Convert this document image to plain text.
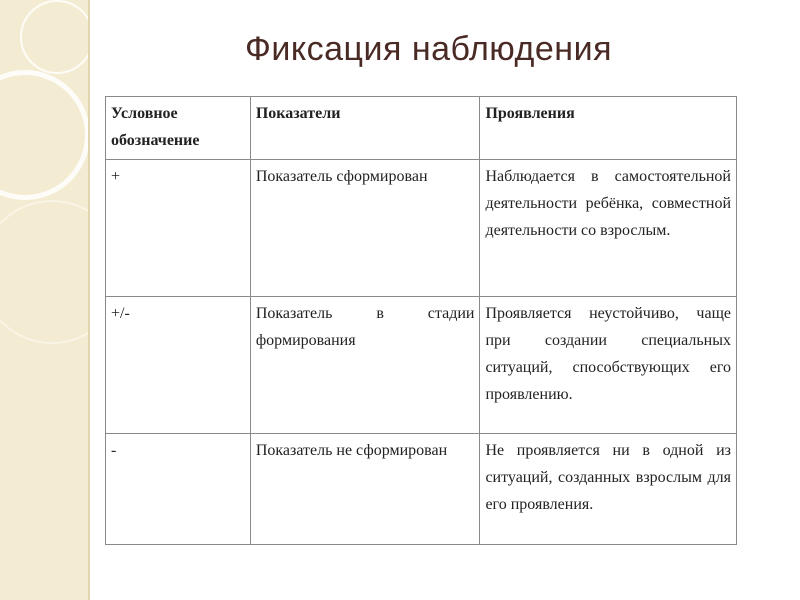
Фиксация наблюдения
Условное обозначение	Показатели	Проявления
+	Показатель сформирован	Наблюдается в самостоятельной деятельности ребёнка, совместной деятельности со взрослым.
+/-	Показатель в стадии формирования	Проявляется неустойчиво, чаще при создании специальных ситуаций, способствующих его проявлению.
-	Показатель не сформирован	Не проявляется ни в одной из ситуаций, созданных взрослым для его проявления.
